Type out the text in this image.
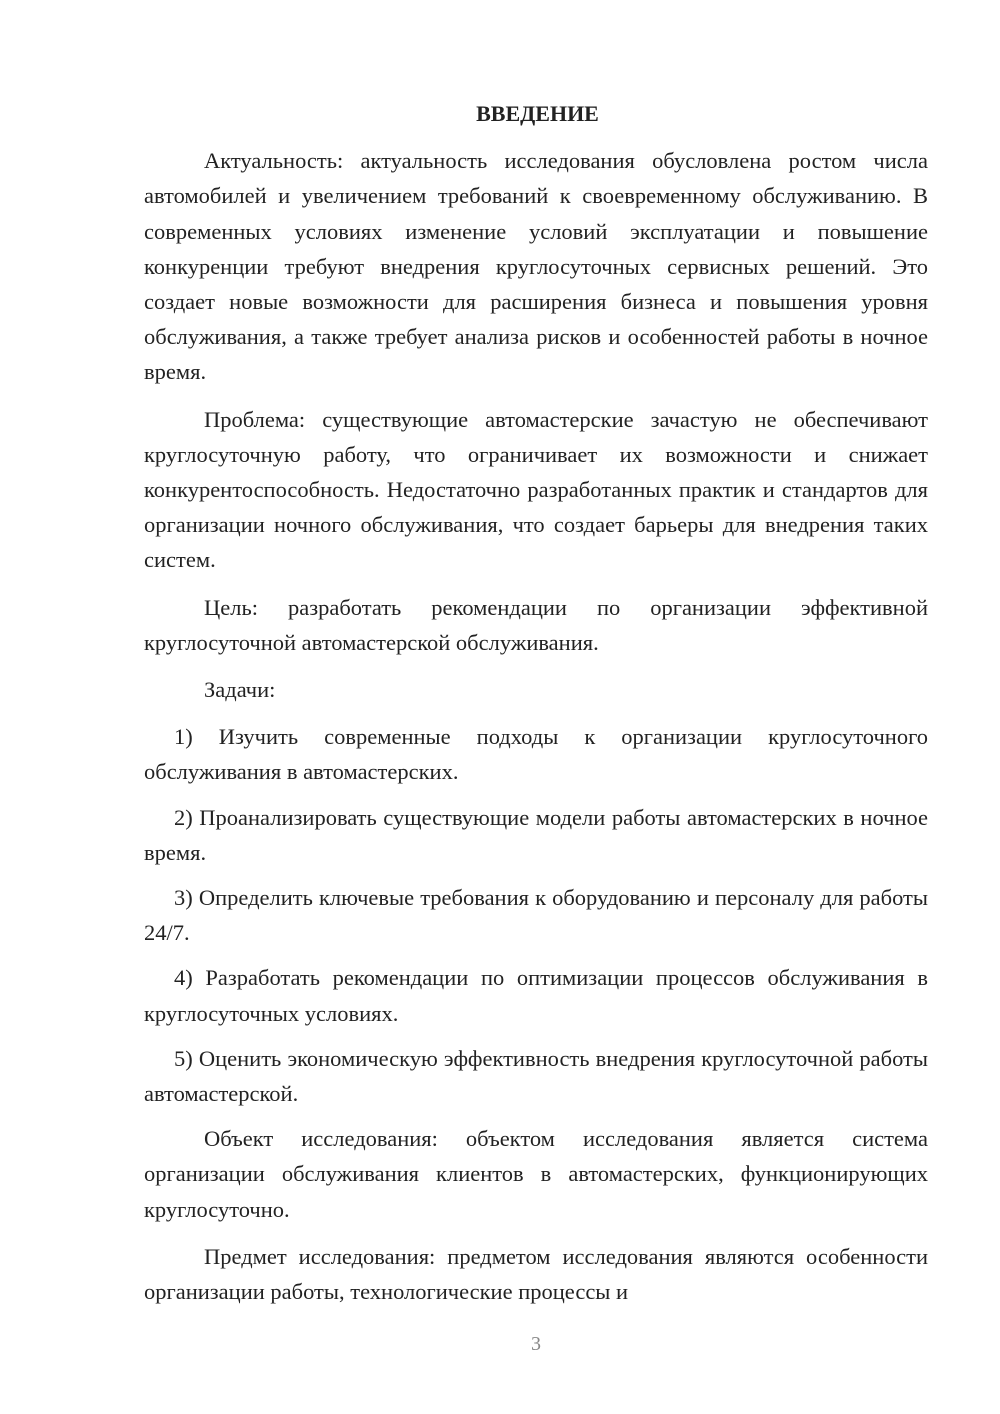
ВВЕДЕНИЕ

Актуальность: актуальность исследования обусловлена ростом числа автомобилей и увеличением требований к своевременному обслуживанию. В современных условиях изменение условий эксплуатации и повышение конкуренции требуют внедрения круглосуточных сервисных решений. Это создает новые возможности для расширения бизнеса и повышения уровня обслуживания, а также требует анализа рисков и особенностей работы в ночное время.

Проблема: существующие автомастерские зачастую не обеспечивают круглосуточную работу, что ограничивает их возможности и снижает конкурентоспособность. Недостаточно разработанных практик и стандартов для организации ночного обслуживания, что создает барьеры для внедрения таких систем.

Цель: разработать рекомендации по организации эффективной круглосуточной автомастерской обслуживания.

Задачи:

1) Изучить современные подходы к организации круглосуточного обслуживания в автомастерских.

2) Проанализировать существующие модели работы автомастерских в ночное время.

3) Определить ключевые требования к оборудованию и персоналу для работы 24/7.

4) Разработать рекомендации по оптимизации процессов обслуживания в круглосуточных условиях.

5) Оценить экономическую эффективность внедрения круглосуточной работы автомастерской.

Объект исследования: объектом исследования является система организации обслуживания клиентов в автомастерских, функционирующих круглосуточно.

Предмет исследования: предметом исследования являются особенности организации работы, технологические процессы и

3
